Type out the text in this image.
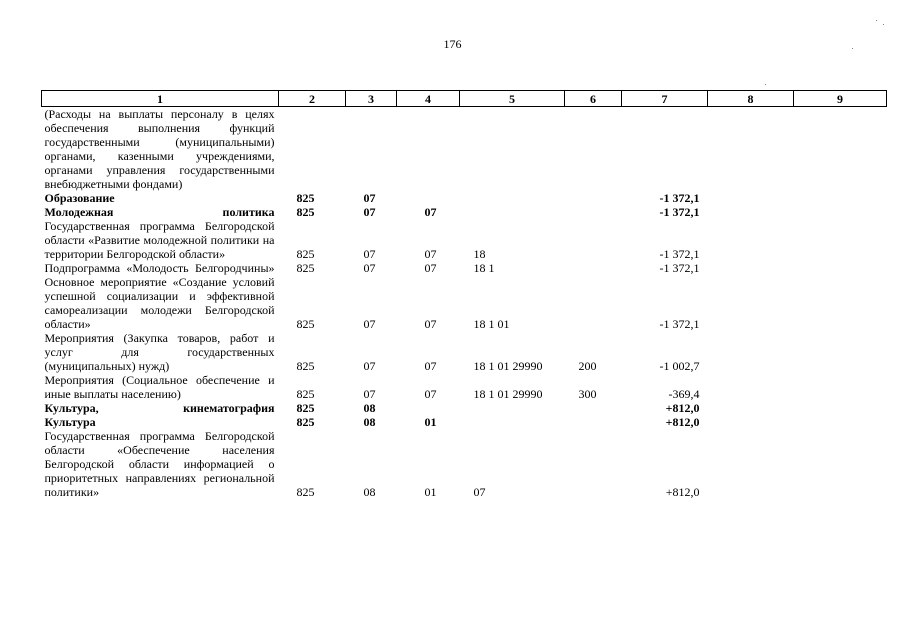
176
1	2	3	4	5	6	7	8	9
(Расходы на выплаты персоналу в целях обеспечения выполнения функций государственными (муниципальными) органами, казенными учреждениями, органами управления государственными внебюджетными фондами)								
Образование	825	07				-1 372,1		
Молодежная политика	825	07	07			-1 372,1		
Государственная программа Белгородской области «Развитие молодежной политики на территории Белгородской области»	825	07	07	18		-1 372,1		
Подпрограмма «Молодость Белгородчины»	825	07	07	18 1		-1 372,1		
Основное мероприятие «Создание условий успешной социализации и эффективной самореализации молодежи Белгородской области»	825	07	07	18 1 01		-1 372,1		
Мероприятия (Закупка товаров, работ и услуг для государственных (муниципальных) нужд)	825	07	07	18 1 01 29990	200	-1 002,7		
Мероприятия (Социальное обеспечение и иные выплаты населению)	825	07	07	18 1 01 29990	300	-369,4		
Культура, кинематография	825	08				+812,0		
Культура	825	08	01			+812,0		
Государственная программа Белгородской области «Обеспечение населения Белгородской области информацией о приоритетных направлениях региональной политики»	825	08	01	07		+812,0		
